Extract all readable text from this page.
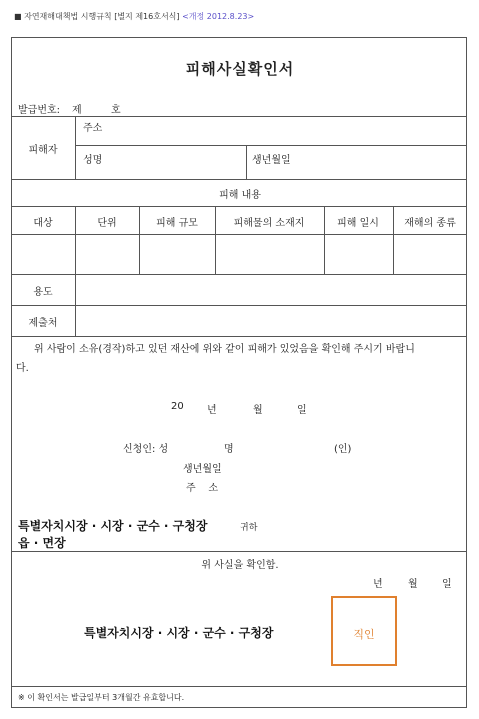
■ 자연재해대책법 시행규칙 [별지 제16호서식] <개정 2012.8.23>
피해사실확인서
발급번호: 제	호
피해자
주소
성명	생년월일
피해 내용
대상	단위	피해 규모	피해물의 소재지	피해 일시	재해의 종류
용도
제출처
위 사람이 소유(경작)하고 있던 재산에 위와 같이 피해가 있었음을 확인해 주시기 바랍니
다.
20 년	월	일
신청인: 성	명	(인)
생년월일
주    소
특별자치시장 · 시장 · 군수 · 구청장	귀하
읍 · 면장
위 사실을 확인함.
년	월 일
특별자치시장 · 시장 · 군수 · 구청장	직인
※ 이 확인서는 발급일부터 3개월간 유효합니다.
